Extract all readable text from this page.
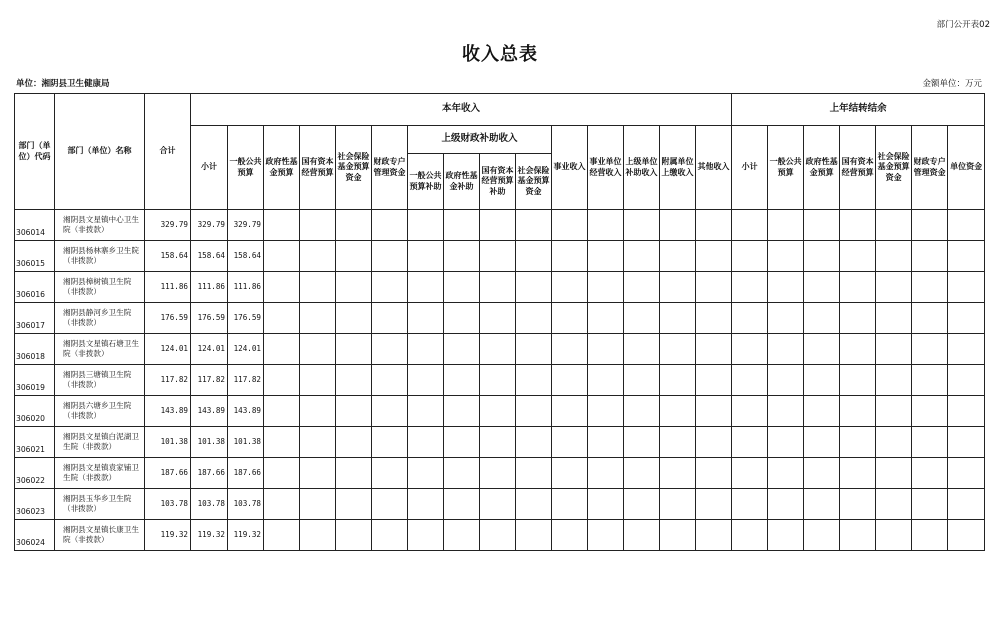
部门公开表02
收入总表
单位：湘阴县卫生健康局	金额单位：万元
部门（单位）代码	部门（单位）名称	合计	本年收入															上年结转结余						
			小计	一般公共预算	政府性基金预算	国有资本经营预算	社会保险基金预算资金	财政专户管理资金	上级财政补助收入				事业收入	事业单位经营收入	上级单位补助收入	附属单位上缴收入	其他收入	小计	一般公共预算	政府性基金预算	国有资本经营预算	社会保险基金预算资金	财政专户管理资金	单位资金
									一般公共预算补助	政府性基金补助	国有资本经营预算补助	社会保险基金预算资金												
306014	湘阴县文星镇中心卫生院（非拨款）	329.79	329.79	329.79																				
306015	湘阴县杨林寨乡卫生院（非拨款）	158.64	158.64	158.64																				
306016	湘阴县樟树镇卫生院（非拨款）	111.86	111.86	111.86																				
306017	湘阴县静河乡卫生院（非拨款）	176.59	176.59	176.59																				
306018	湘阴县文星镇石塘卫生院（非拨款）	124.01	124.01	124.01																				
306019	湘阴县三塘镇卫生院（非拨款）	117.82	117.82	117.82																				
306020	湘阴县六塘乡卫生院（非拨款）	143.89	143.89	143.89																				
306021	湘阴县文星镇白泥湖卫生院（非拨款）	101.38	101.38	101.38																				
306022	湘阴县文星镇袁家铺卫生院（非拨款）	187.66	187.66	187.66																				
306023	湘阴县玉华乡卫生院（非拨款）	103.78	103.78	103.78																				
306024	湘阴县文星镇长康卫生院（非拨款）	119.32	119.32	119.32																				
